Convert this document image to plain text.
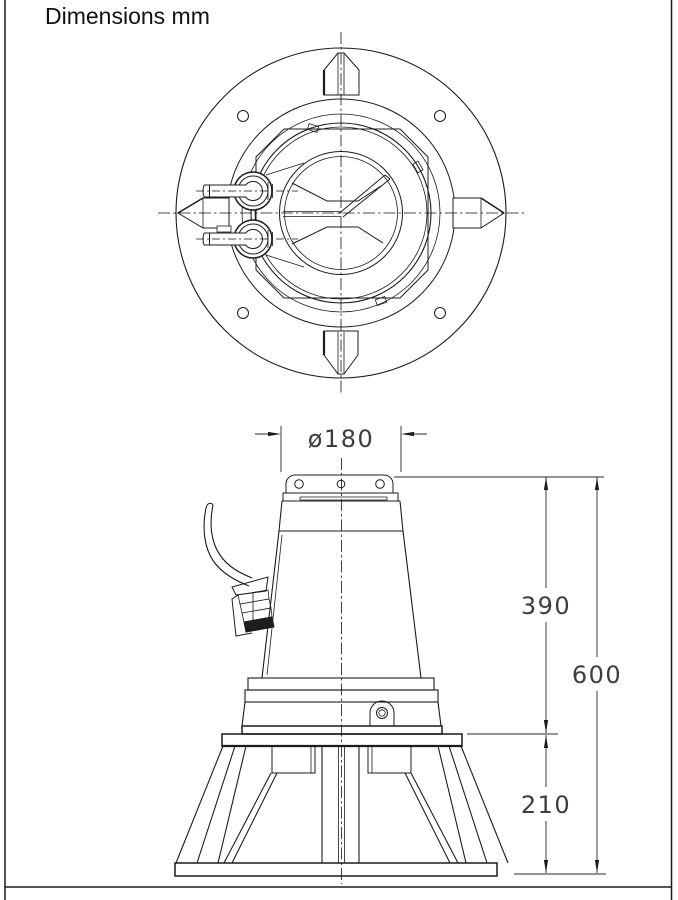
Dimensions mm
ø180
390
600
210
